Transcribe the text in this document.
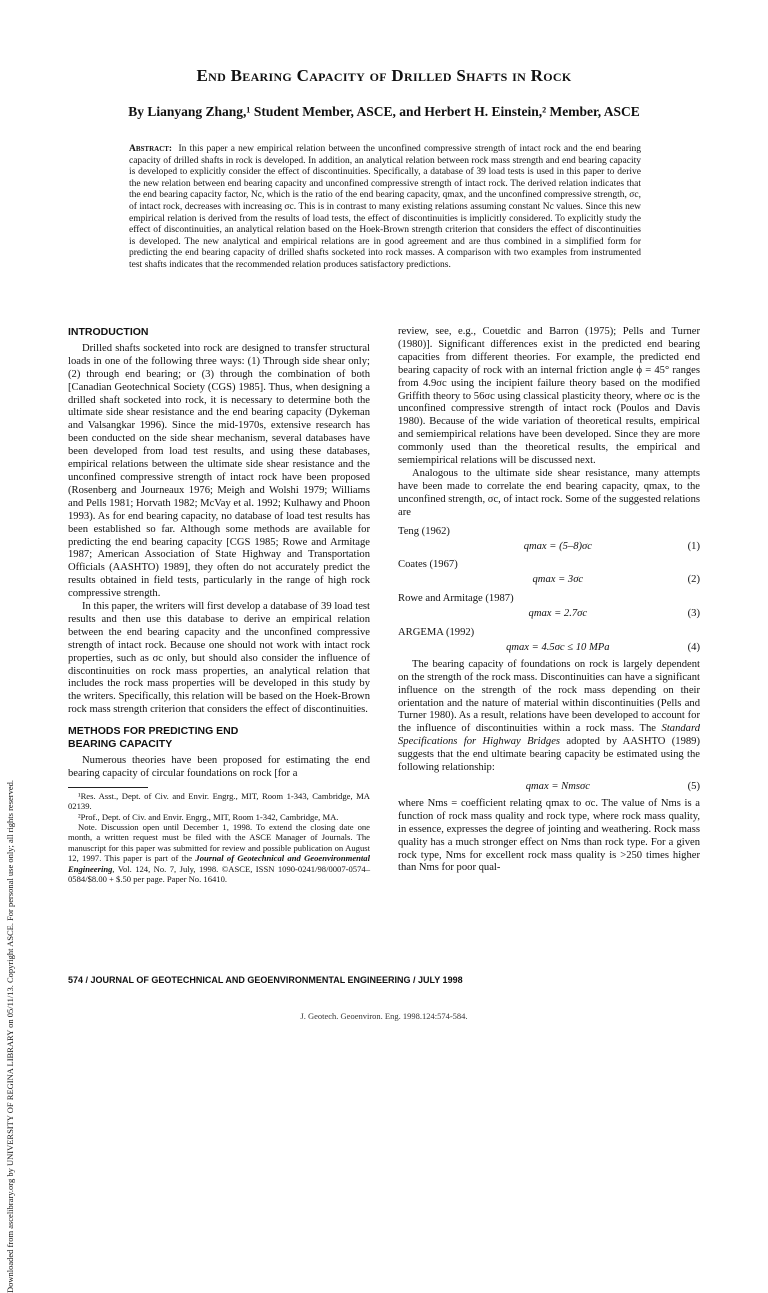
Downloaded from ascelibrary.org by UNIVERSITY OF REGINA LIBRARY on 05/11/13. Copyright ASCE. For personal use only; all rights reserved.
End Bearing Capacity of Drilled Shafts in Rock
By Lianyang Zhang,¹ Student Member, ASCE, and Herbert H. Einstein,² Member, ASCE
Abstract: In this paper a new empirical relation between the unconfined compressive strength of intact rock and the end bearing capacity of drilled shafts in rock is developed. In addition, an analytical relation between rock mass strength and end bearing capacity is developed to explicitly consider the effect of discontinuities. Specifically, a database of 39 load tests is used in this paper to derive the new relation between end bearing capacity and unconfined compressive strength of intact rock. The derived relation indicates that the end bearing capacity factor, Nc, which is the ratio of the end bearing capacity, qmax, and the unconfined compressive strength, σc, of intact rock, decreases with increasing σc. This is in contrast to many existing relations assuming constant Nc values. Since this new empirical relation is derived from the results of load tests, the effect of discontinuities is implicitly considered. To explicitly study the effect of discontinuities, an analytical relation based on the Hoek-Brown strength criterion that considers the effect of discontinuities is developed. The new analytical and empirical relations are in good agreement and are thus combined in a simplified form for predicting the end bearing capacity of drilled shafts socketed into rock masses. A comparison with two examples from instrumented test shafts indicates that the recommended relation produces satisfactory predictions.
INTRODUCTION

Drilled shafts socketed into rock are designed to transfer structural loads in one of the following three ways: (1) Through side shear only; (2) through end bearing; or (3) through the combination of both [Canadian Geotechnical Society (CGS) 1985]. Thus, when designing a drilled shaft socketed into rock, it is necessary to determine both the ultimate side shear resistance and the end bearing capacity (Dykeman and Valsangkar 1996). Since the mid-1970s, extensive research has been conducted on the side shear mechanism, several databases have been developed from load test results, and using these databases, empirical relations between the ultimate side shear resistance and the unconfined compressive strength of intact rock have been proposed (Rosenberg and Journeaux 1976; Meigh and Wolshi 1979; Williams and Pells 1981; Horvath 1982; McVay et al. 1992; Kulhawy and Phoon 1993). As for end bearing capacity, no database of load test results has been established so far. Although some methods are available for predicting the end bearing capacity [CGS 1985; Rowe and Armitage 1987; American Association of State Highway and Transportation Officials (AASHTO) 1989], they often do not accurately predict the results obtained in field tests, particularly in the range of high rock compressive strength.

In this paper, the writers will first develop a database of 39 load test results and then use this database to derive an empirical relation between the end bearing capacity and the unconfined compressive strength of intact rock. Because one should not work with intact rock properties, such as σc only, but should also consider the influence of discontinuities on rock mass properties, an analytical relation that includes the rock mass properties will be developed in this study by the writers. Specifically, this relation will be based on the Hoek-Brown rock mass strength criterion that considers the effect of discontinuities.

METHODS FOR PREDICTING END
BEARING CAPACITY

Numerous theories have been proposed for estimating the end bearing capacity of circular foundations on rock [for a

¹Res. Asst., Dept. of Civ. and Envir. Engrg., MIT, Room 1-343, Cambridge, MA 02139.

²Prof., Dept. of Civ. and Envir. Engrg., MIT, Room 1-342, Cambridge, MA.

Note. Discussion open until December 1, 1998. To extend the closing date one month, a written request must be filed with the ASCE Manager of Journals. The manuscript for this paper was submitted for review and possible publication on August 12, 1997. This paper is part of the Journal of Geotechnical and Geoenvironmental Engineering, Vol. 124, No. 7, July, 1998. ©ASCE, ISSN 1090-0241/98/0007-0574–0584/$8.00 + $.50 per page. Paper No. 16410.

review, see, e.g., Couetdic and Barron (1975); Pells and Turner (1980)]. Significant differences exist in the predicted end bearing capacities from different theories. For example, the predicted end bearing capacity of rock with an internal friction angle ϕ = 45° ranges from 4.9σc using the incipient failure theory based on the modified Griffith theory to 56σc using classical plasticity theory, where σc is the unconfined compressive strength of intact rock (Poulos and Davis 1980). Because of the wide variation of theoretical results, empirical and semiempirical relations have been developed. Since they are more commonly used than the theoretical results, the empirical and semiempirical relations will be discussed next.

Analogous to the ultimate side shear resistance, many attempts have been made to correlate the end bearing capacity, qmax, to the unconfined strength, σc, of intact rock. Some of the suggested relations are

Teng (1962)
qmax = (5–8)σc	(1)
Coates (1967)
qmax = 3σc	(2)
Rowe and Armitage (1987)
qmax = 2.7σc	(3)
ARGEMA (1992)
qmax = 4.5σc ≤ 10 MPa	(4)

The bearing capacity of foundations on rock is largely dependent on the strength of the rock mass. Discontinuities can have a significant influence on the strength of the rock mass depending on their orientation and the nature of material within discontinuities (Pells and Turner 1980). As a result, relations have been developed to account for the influence of discontinuities within a rock mass. The Standard Specifications for Highway Bridges adopted by AASHTO (1989) suggests that the end ultimate bearing capacity be estimated using the following relationship:

qmax = Nmsσc	(5)

where Nms = coefficient relating qmax to σc. The value of Nms is a function of rock mass quality and rock type, where rock mass quality, in essence, expresses the degree of jointing and weathering. Rock mass quality has a much stronger effect on Nms than rock type. For a given rock type, Nms for excellent rock mass quality is >250 times higher than Nms for poor qual-

574 / JOURNAL OF GEOTECHNICAL AND GEOENVIRONMENTAL ENGINEERING / JULY 1998
J. Geotech. Geoenviron. Eng. 1998.124:574-584.
